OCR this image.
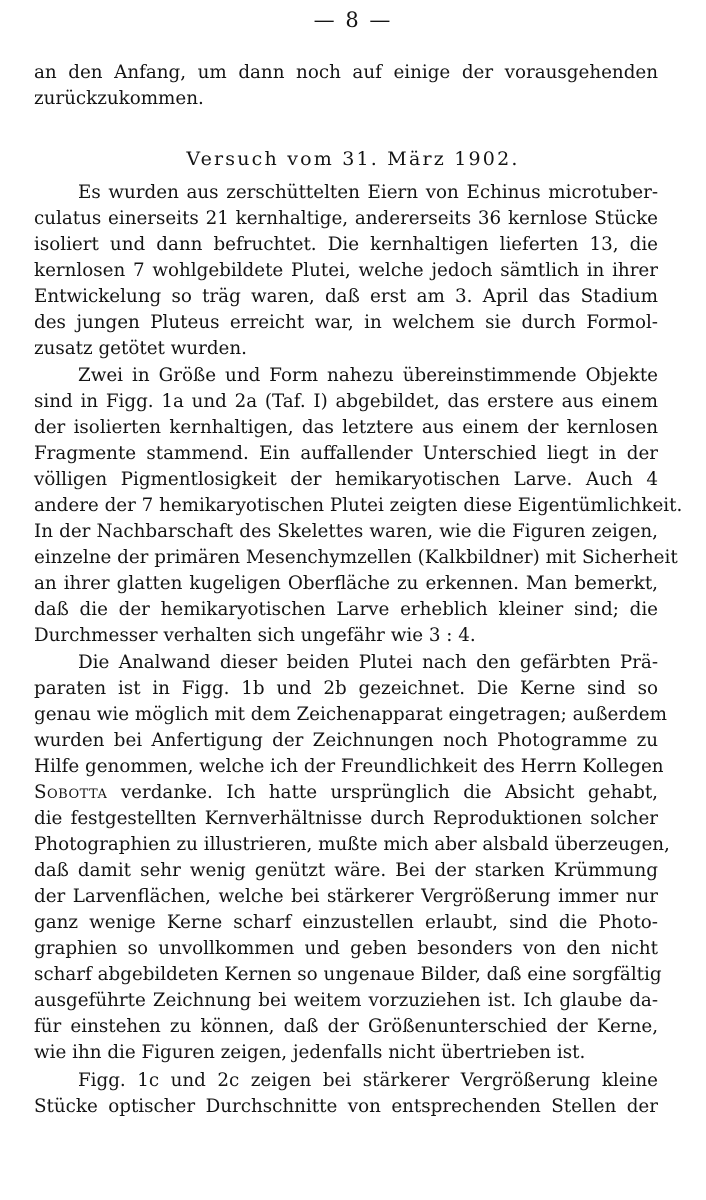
— 8 —
an den Anfang, um dann noch auf einige der vorausgehenden
zurückzukommen.
Versuch vom 31. März 1902.
Es wurden aus zerschüttelten Eiern von Echinus microtuber-
culatus einerseits 21 kernhaltige, andererseits 36 kernlose Stücke
isoliert und dann befruchtet. Die kernhaltigen lieferten 13, die
kernlosen 7 wohlgebildete Plutei, welche jedoch sämtlich in ihrer
Entwickelung so träg waren, daß erst am 3. April das Stadium
des jungen Pluteus erreicht war, in welchem sie durch Formol-
zusatz getötet wurden.
Zwei in Größe und Form nahezu übereinstimmende Objekte
sind in Figg. 1a und 2a (Taf. I) abgebildet, das erstere aus einem
der isolierten kernhaltigen, das letztere aus einem der kernlosen
Fragmente stammend. Ein auffallender Unterschied liegt in der
völligen Pigmentlosigkeit der hemikaryotischen Larve. Auch 4
andere der 7 hemikaryotischen Plutei zeigten diese Eigentümlichkeit.
In der Nachbarschaft des Skelettes waren, wie die Figuren zeigen,
einzelne der primären Mesenchymzellen (Kalkbildner) mit Sicherheit
an ihrer glatten kugeligen Oberfläche zu erkennen. Man bemerkt,
daß die der hemikaryotischen Larve erheblich kleiner sind; die
Durchmesser verhalten sich ungefähr wie 3 : 4.
Die Analwand dieser beiden Plutei nach den gefärbten Prä-
paraten ist in Figg. 1b und 2b gezeichnet. Die Kerne sind so
genau wie möglich mit dem Zeichenapparat eingetragen; außerdem
wurden bei Anfertigung der Zeichnungen noch Photogramme zu
Hilfe genommen, welche ich der Freundlichkeit des Herrn Kollegen
Sobotta verdanke. Ich hatte ursprünglich die Absicht gehabt,
die festgestellten Kernverhältnisse durch Reproduktionen solcher
Photographien zu illustrieren, mußte mich aber alsbald überzeugen,
daß damit sehr wenig genützt wäre. Bei der starken Krümmung
der Larvenflächen, welche bei stärkerer Vergrößerung immer nur
ganz wenige Kerne scharf einzustellen erlaubt, sind die Photo-
graphien so unvollkommen und geben besonders von den nicht
scharf abgebildeten Kernen so ungenaue Bilder, daß eine sorgfältig
ausgeführte Zeichnung bei weitem vorzuziehen ist. Ich glaube da-
für einstehen zu können, daß der Größenunterschied der Kerne,
wie ihn die Figuren zeigen, jedenfalls nicht übertrieben ist.
Figg. 1c und 2c zeigen bei stärkerer Vergrößerung kleine
Stücke optischer Durchschnitte von entsprechenden Stellen der
